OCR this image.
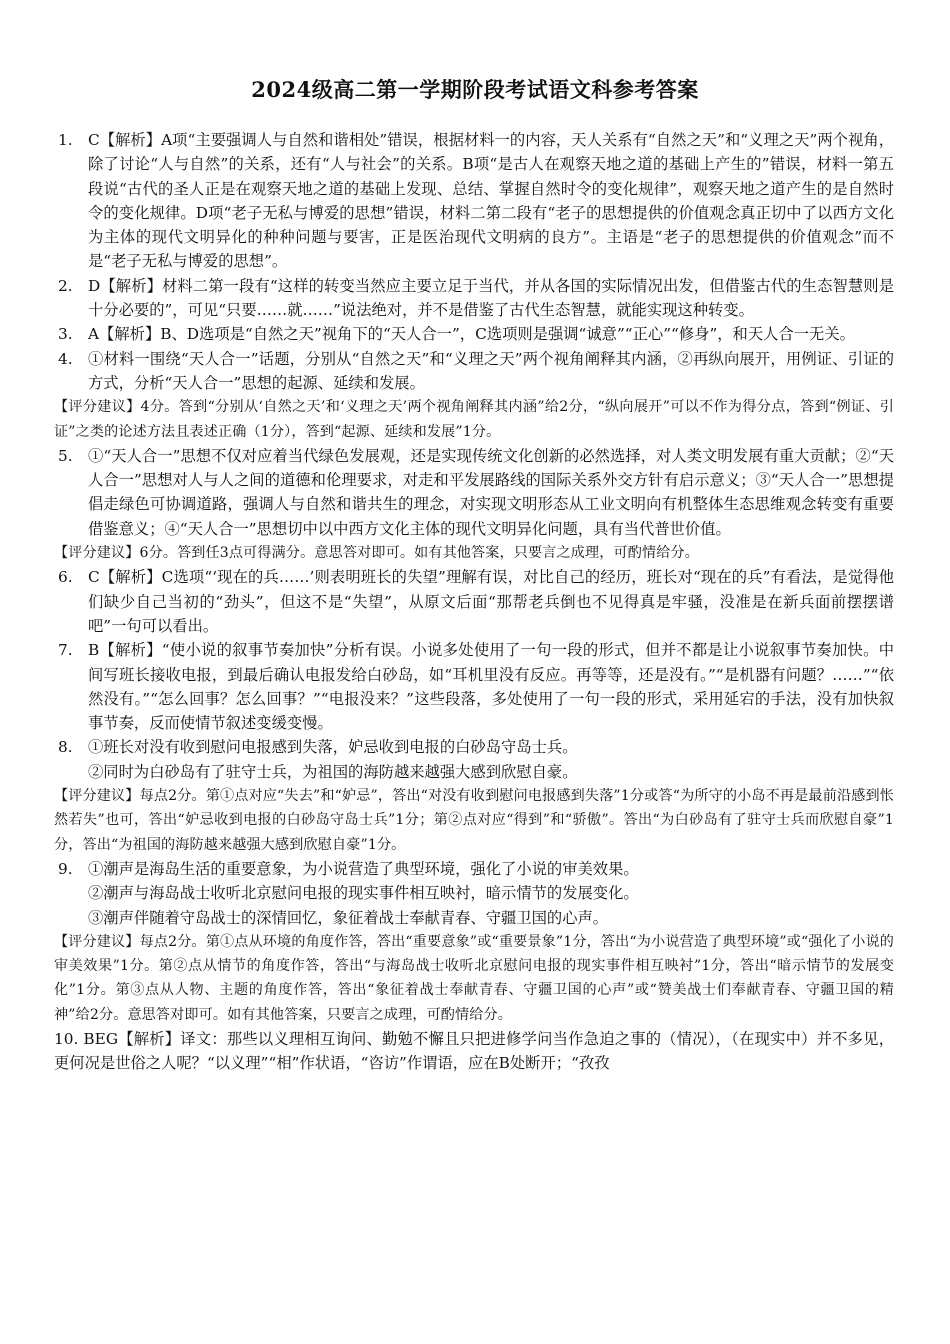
2024级高二第一学期阶段考试语文科参考答案
1. C【解析】A项“主要强调人与自然和谐相处”错误，根据材料一的内容，天人关系有“自然之天”和“义理之天”两个视角，除了讨论“人与自然”的关系，还有“人与社会”的关系。B项“是古人在观察天地之道的基础上产生的”错误，材料一第五段说“古代的圣人正是在观察天地之道的基础上发现、总结、掌握自然时令的变化规律”，观察天地之道产生的是自然时令的变化规律。D项“老子无私与博爱的思想”错误，材料二第二段有“老子的思想提供的价值观念真正切中了以西方文化为主体的现代文明异化的种种问题与要害，正是医治现代文明病的良方”。主语是“老子的思想提供的价值观念”而不是“老子无私与博爱的思想”。

2. D【解析】材料二第一段有“这样的转变当然应主要立足于当代，并从各国的实际情况出发，但借鉴古代的生态智慧则是十分必要的”，可见“只要……就……”说法绝对，并不是借鉴了古代生态智慧，就能实现这种转变。

3. A【解析】B、D选项是“自然之天”视角下的“天人合一”，C选项则是强调“诚意”“正心”“修身”，和天人合一无关。

4. ①材料一围绕“天人合一”话题，分别从“自然之天”和“义理之天”两个视角阐释其内涵，②再纵向展开，用例证、引证的方式，分析“天人合一”思想的起源、延续和发展。

【评分建议】4分。答到“分别从‘自然之天’和‘义理之天’两个视角阐释其内涵”给2分，“纵向展开”可以不作为得分点，答到“例证、引证”之类的论述方法且表述正确（1分），答到“起源、延续和发展”1分。

5. ①“天人合一”思想不仅对应着当代绿色发展观，还是实现传统文化创新的必然选择，对人类文明发展有重大贡献；②“天人合一”思想对人与人之间的道德和伦理要求，对走和平发展路线的国际关系外交方针有启示意义；③“天人合一”思想提倡走绿色可协调道路，强调人与自然和谐共生的理念，对实现文明形态从工业文明向有机整体生态思维观念转变有重要借鉴意义；④“天人合一”思想切中以中西方文化主体的现代文明异化问题，具有当代普世价值。

【评分建议】6分。答到任3点可得满分。意思答对即可。如有其他答案，只要言之成理，可酌情给分。

6. C【解析】C选项“‘现在的兵……’则表明班长的失望”理解有误，对比自己的经历，班长对“现在的兵”有看法，是觉得他们缺少自己当初的“劲头”，但这不是“失望”，从原文后面“那帮老兵倒也不见得真是牢骚，没准是在新兵面前摆摆谱吧”一句可以看出。

7. B【解析】“使小说的叙事节奏加快”分析有误。小说多处使用了一句一段的形式，但并不都是让小说叙事节奏加快。中间写班长接收电报，到最后确认电报发给白砂岛，如“耳机里没有反应。再等等，还是没有。”“是机器有问题？……”“依然没有。”“怎么回事？怎么回事？”“电报没来？”这些段落，多处使用了一句一段的形式，采用延宕的手法，没有加快叙事节奏，反而使情节叙述变缓变慢。

8. ①班长对没有收到慰问电报感到失落，妒忌收到电报的白砂岛守岛士兵。

②同时为白砂岛有了驻守士兵，为祖国的海防越来越强大感到欣慰自豪。

【评分建议】每点2分。第①点对应“失去”和“妒忌”，答出“对没有收到慰问电报感到失落”1分或答“为所守的小岛不再是最前沿感到怅然若失”也可，答出“妒忌收到电报的白砂岛守岛士兵”1分；第②点对应“得到”和“骄傲”。答出“为白砂岛有了驻守士兵而欣慰自豪”1分，答出“为祖国的海防越来越强大感到欣慰自豪”1分。

9. ①潮声是海岛生活的重要意象，为小说营造了典型环境，强化了小说的审美效果。

②潮声与海岛战士收听北京慰问电报的现实事件相互映衬，暗示情节的发展变化。

③潮声伴随着守岛战士的深情回忆，象征着战士奉献青春、守疆卫国的心声。

【评分建议】每点2分。第①点从环境的角度作答，答出“重要意象”或“重要景象”1分，答出“为小说营造了典型环境”或“强化了小说的审美效果”1分。第②点从情节的角度作答，答出“与海岛战士收听北京慰问电报的现实事件相互映衬”1分，答出“暗示情节的发展变化”1分。第③点从人物、主题的角度作答，答出“象征着战士奉献青春、守疆卫国的心声”或“赞美战士们奉献青春、守疆卫国的精神”给2分。意思答对即可。如有其他答案，只要言之成理，可酌情给分。

10. BEG【解析】译文：那些以义理相互询问、勤勉不懈且只把进修学问当作急迫之事的（情况），（在现实中）并不多见，更何况是世俗之人呢？“以义理”“相”作状语，“咨访”作谓语，应在B处断开；“孜孜
